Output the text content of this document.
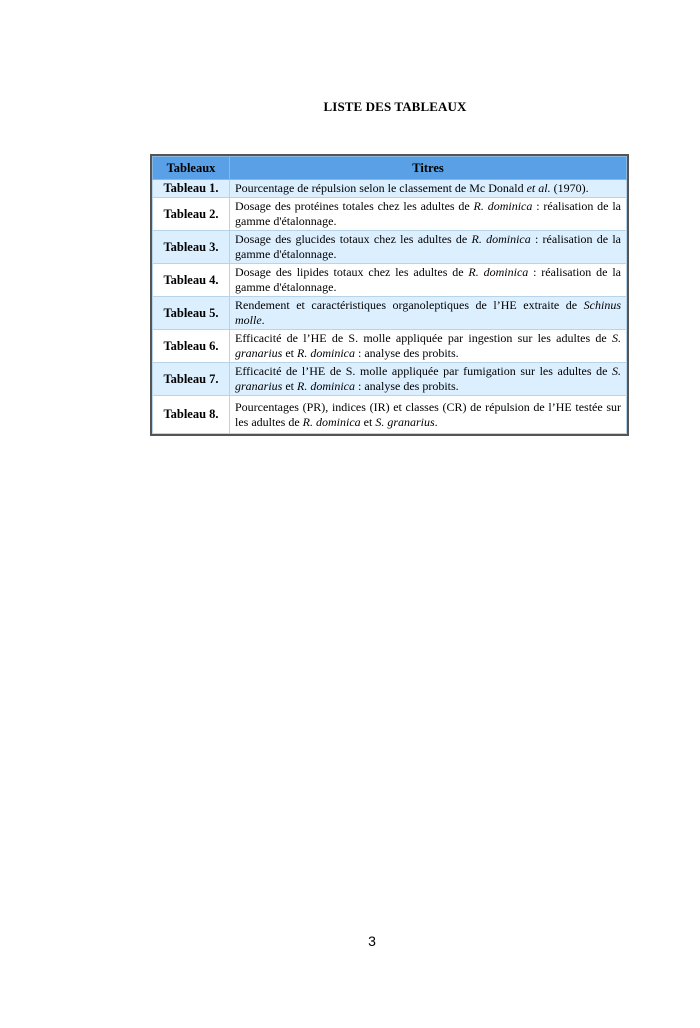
LISTE DES TABLEAUX
Tableaux	Titres
Tableau 1.	Pourcentage de répulsion selon le classement de Mc Donald et al. (1970).
Tableau 2.	Dosage des protéines totales chez les adultes de R. dominica : réalisation de la gamme d'étalonnage.
Tableau 3.	Dosage des glucides totaux chez les adultes de R. dominica : réalisation de la gamme d'étalonnage.
Tableau 4.	Dosage des lipides totaux chez les adultes de R. dominica : réalisation de la gamme d'étalonnage.
Tableau 5.	Rendement et caractéristiques organoleptiques de l’HE extraite de Schinus molle.
Tableau 6.	Efficacité de l’HE de S. molle appliquée par ingestion sur les adultes de S. granarius et R. dominica : analyse des probits.
Tableau 7.	Efficacité de l’HE de S. molle appliquée par fumigation sur les adultes de S. granarius et R. dominica : analyse des probits.
Tableau 8.	Pourcentages (PR), indices (IR) et classes (CR) de répulsion de l’HE testée sur les adultes de R. dominica et S. granarius.
3
